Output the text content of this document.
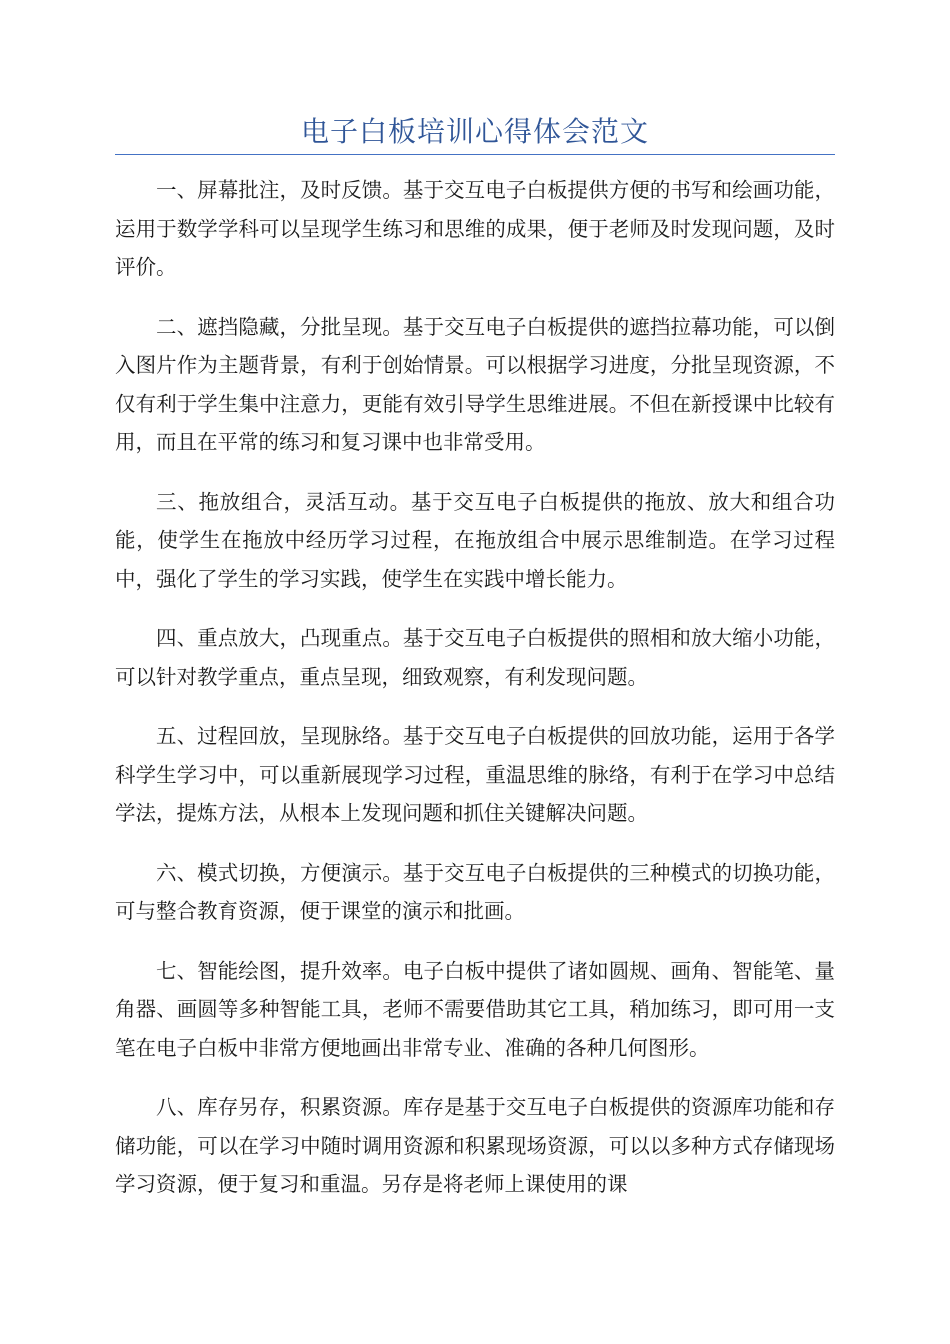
电子白板培训心得体会范文

一、屏幕批注，及时反馈。基于交互电子白板提供方便的书写和绘画功能，运用于数学学科可以呈现学生练习和思维的成果，便于老师及时发现问题，及时评价。

二、遮挡隐藏，分批呈现。基于交互电子白板提供的遮挡拉幕功能，可以倒入图片作为主题背景，有利于创始情景。可以根据学习进度，分批呈现资源，不仅有利于学生集中注意力，更能有效引导学生思维进展。不但在新授课中比较有用，而且在平常的练习和复习课中也非常受用。

三、拖放组合，灵活互动。基于交互电子白板提供的拖放、放大和组合功能，使学生在拖放中经历学习过程，在拖放组合中展示思维制造。在学习过程中，强化了学生的学习实践，使学生在实践中增长能力。

四、重点放大，凸现重点。基于交互电子白板提供的照相和放大缩小功能，可以针对教学重点，重点呈现，细致观察，有利发现问题。

五、过程回放，呈现脉络。基于交互电子白板提供的回放功能，运用于各学科学生学习中，可以重新展现学习过程，重温思维的脉络，有利于在学习中总结学法，提炼方法，从根本上发现问题和抓住关键解决问题。

六、模式切换，方便演示。基于交互电子白板提供的三种模式的切换功能，可与整合教育资源，便于课堂的演示和批画。

七、智能绘图，提升效率。电子白板中提供了诸如圆规、画角、智能笔、量角器、画圆等多种智能工具，老师不需要借助其它工具，稍加练习，即可用一支笔在电子白板中非常方便地画出非常专业、准确的各种几何图形。

八、库存另存，积累资源。库存是基于交互电子白板提供的资源库功能和存储功能，可以在学习中随时调用资源和积累现场资源，可以以多种方式存储现场学习资源，便于复习和重温。另存是将老师上课使用的课
